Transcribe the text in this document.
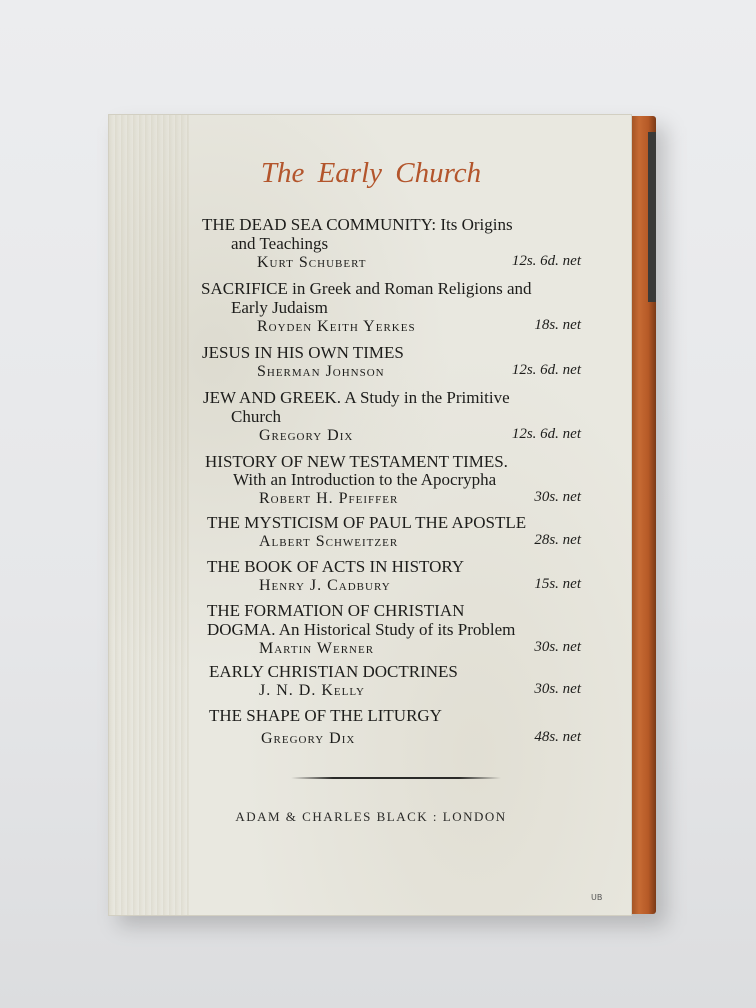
The Early Church
THE DEAD SEA COMMUNITY: Its Origins
and Teachings
Kurt Schubert	12s. 6d. net
SACRIFICE in Greek and Roman Religions and
Early Judaism
Royden Keith Yerkes	18s. net
JESUS IN HIS OWN TIMES
Sherman Johnson	12s. 6d. net
JEW AND GREEK. A Study in the Primitive
Church
Gregory Dix	12s. 6d. net
HISTORY OF NEW TESTAMENT TIMES.
With an Introduction to the Apocrypha
Robert H. Pfeiffer	30s. net
THE MYSTICISM OF PAUL THE APOSTLE
Albert Schweitzer	28s. net
THE BOOK OF ACTS IN HISTORY
Henry J. Cadbury	15s. net
THE FORMATION OF CHRISTIAN
DOGMA. An Historical Study of its Problem
Martin Werner	30s. net
EARLY CHRISTIAN DOCTRINES
J. N. D. Kelly	30s. net
THE SHAPE OF THE LITURGY
Gregory Dix	48s. net
ADAM & CHARLES BLACK : LONDON
UB
